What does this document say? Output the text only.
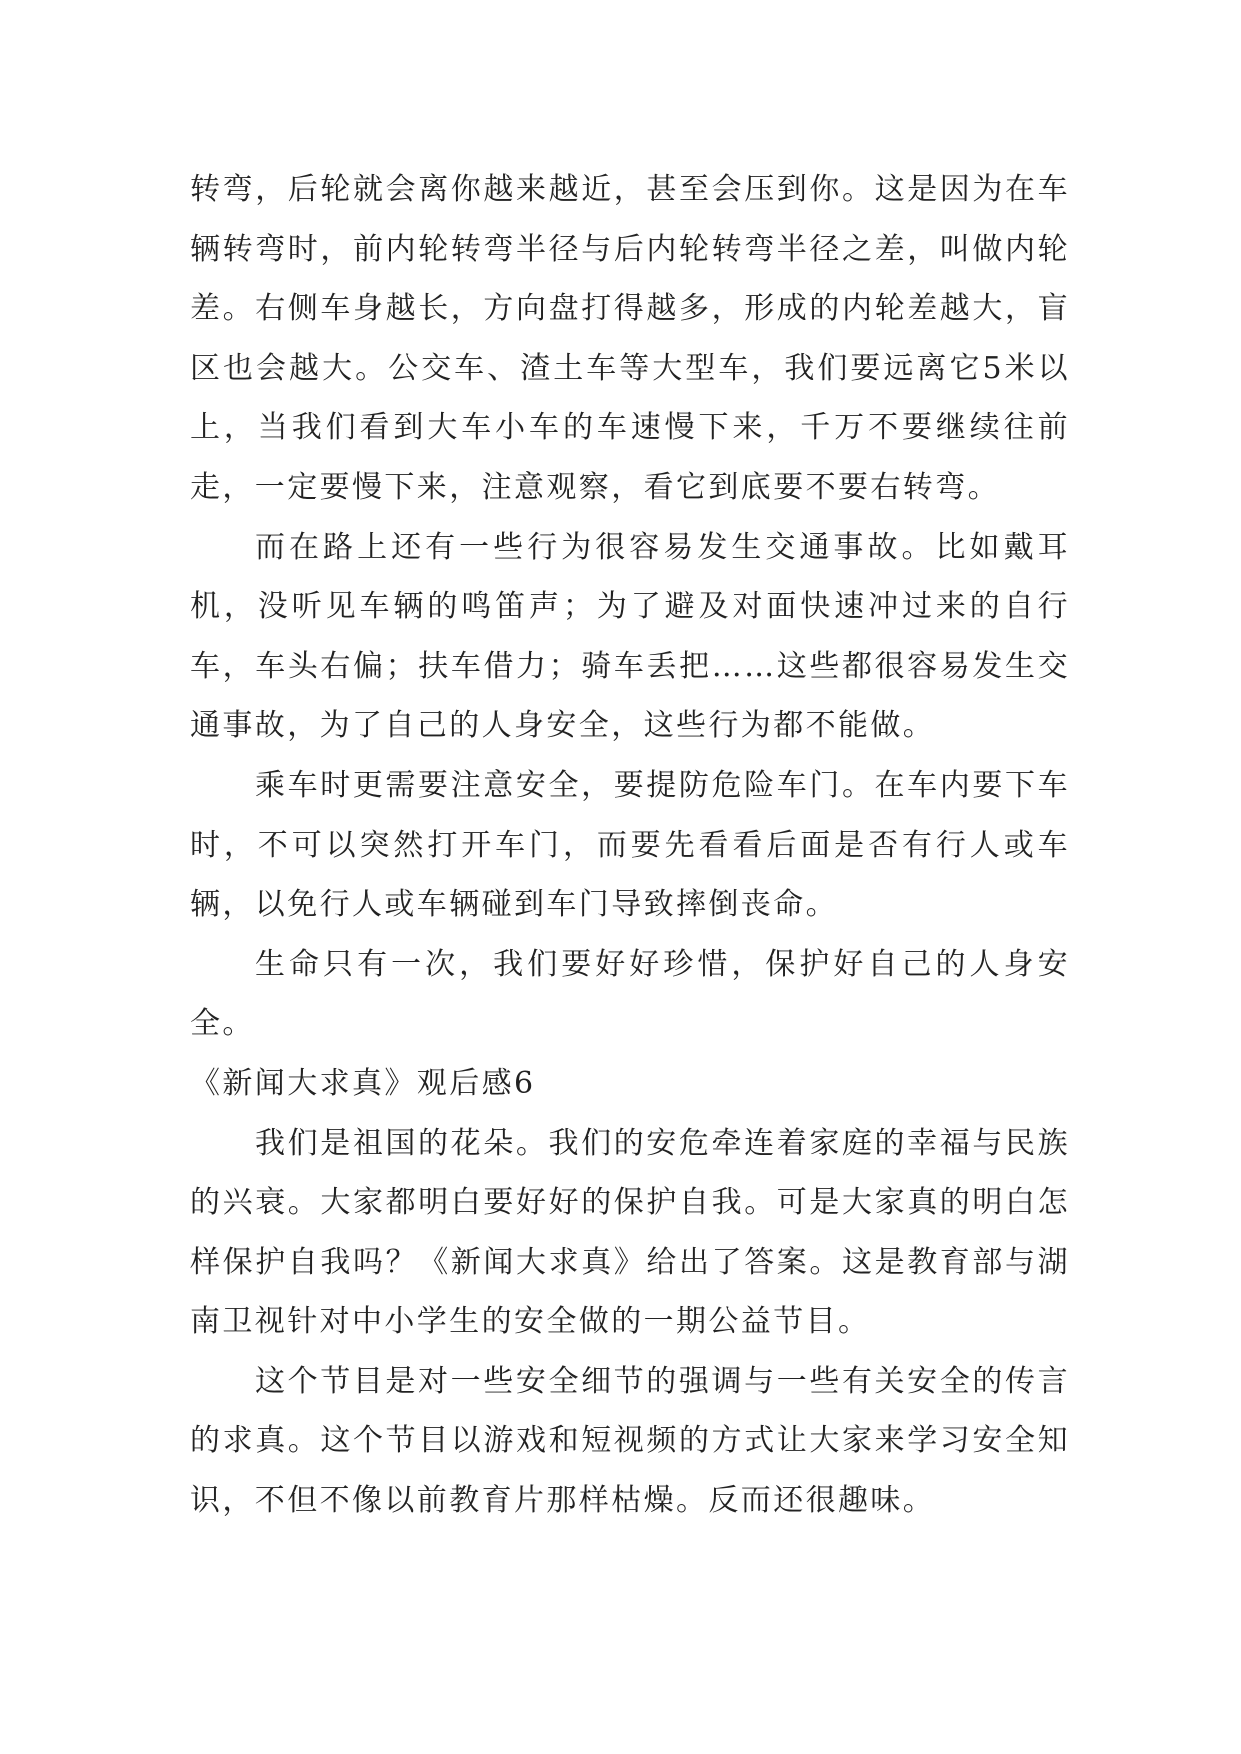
转弯，后轮就会离你越来越近，甚至会压到你。这是因为在车辆转弯时，前内轮转弯半径与后内轮转弯半径之差，叫做内轮差。右侧车身越长，方向盘打得越多，形成的内轮差越大，盲区也会越大。公交车、渣土车等大型车，我们要远离它5米以上，当我们看到大车小车的车速慢下来，千万不要继续往前走，一定要慢下来，注意观察，看它到底要不要右转弯。

而在路上还有一些行为很容易发生交通事故。比如戴耳机，没听见车辆的鸣笛声；为了避及对面快速冲过来的自行车，车头右偏；扶车借力；骑车丢把……这些都很容易发生交通事故，为了自己的人身安全，这些行为都不能做。

乘车时更需要注意安全，要提防危险车门。在车内要下车时，不可以突然打开车门，而要先看看后面是否有行人或车辆，以免行人或车辆碰到车门导致摔倒丧命。

生命只有一次，我们要好好珍惜，保护好自己的人身安全。

《新闻大求真》观后感6

我们是祖国的花朵。我们的安危牵连着家庭的幸福与民族的兴衰。大家都明白要好好的保护自我。可是大家真的明白怎样保护自我吗？《新闻大求真》给出了答案。这是教育部与湖南卫视针对中小学生的安全做的一期公益节目。

这个节目是对一些安全细节的强调与一些有关安全的传言的求真。这个节目以游戏和短视频的方式让大家来学习安全知识，不但不像以前教育片那样枯燥。反而还很趣味。
